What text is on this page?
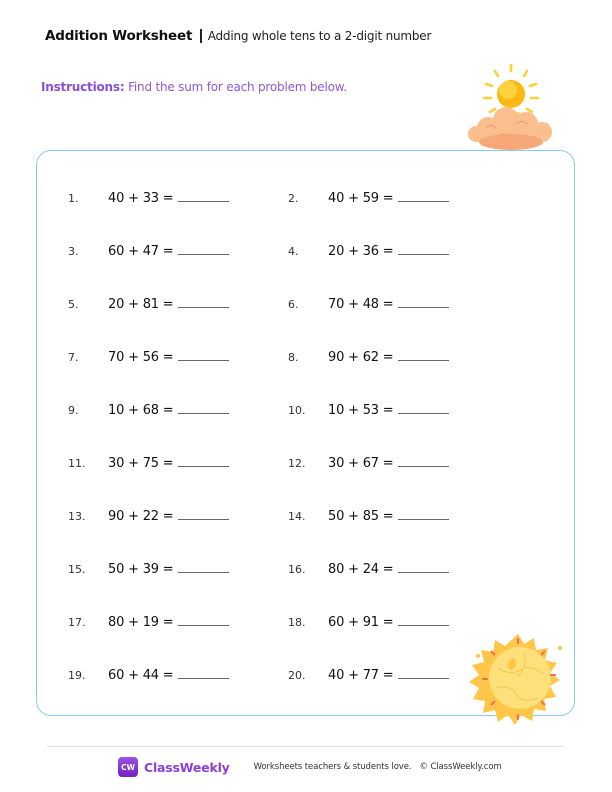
Addition Worksheet Adding whole tens to a 2-digit number
Instructions: Find the sum for each problem below.
1.	40 + 33 =	2.	40 + 59 =
3.	60 + 47 =	4.	20 + 36 =
5.	20 + 81 =	6.	70 + 48 =
7.	70 + 56 =	8.	90 + 62 =
9.	10 + 68 =	10.	10 + 53 =
11.	30 + 75 =	12.	30 + 67 =
13.	90 + 22 =	14.	50 + 85 =
15.	50 + 39 =	16.	80 + 24 =
17.	80 + 19 =	18.	60 + 91 =
19.	60 + 44 =	20.	40 + 77 =
CW ClassWeekly	Worksheets teachers & students love. © ClassWeekly.com
